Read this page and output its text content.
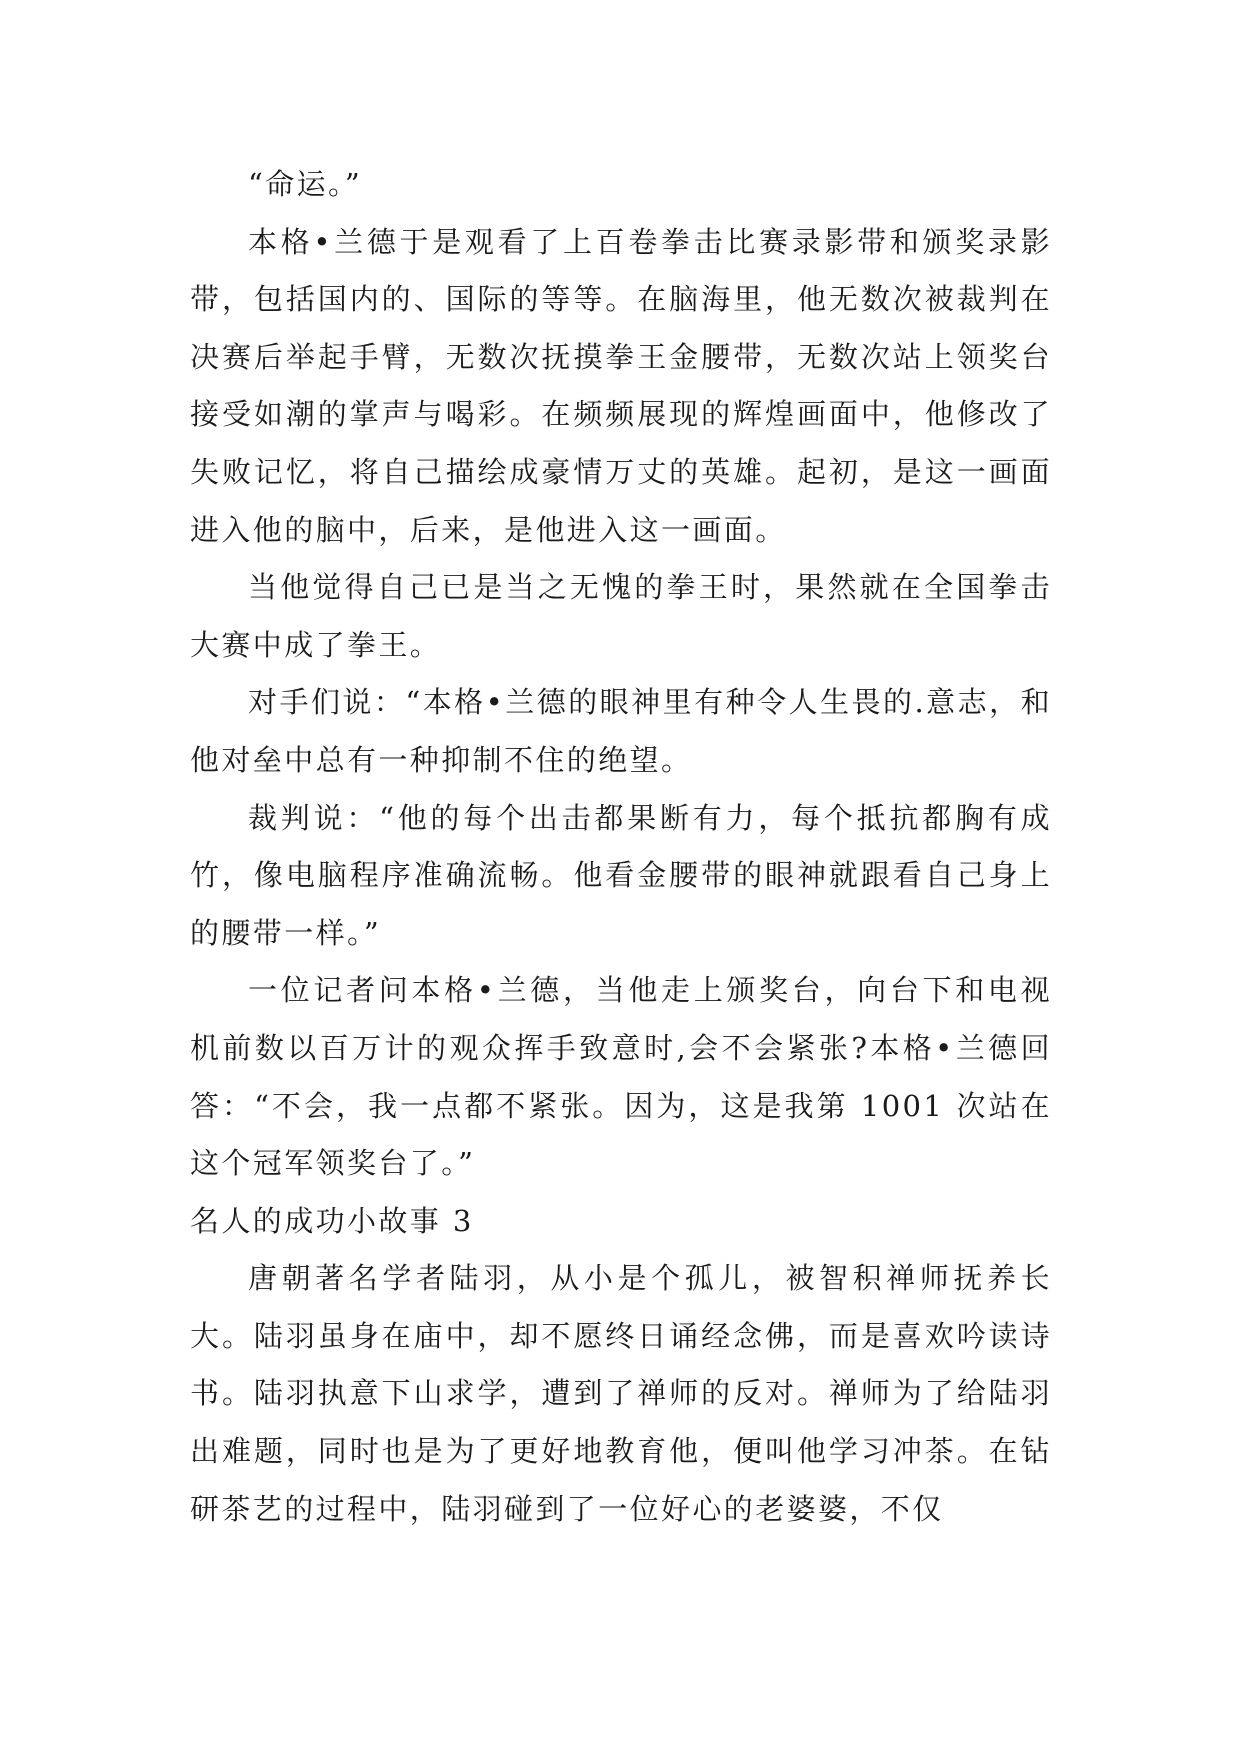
“命运。”

本格•兰德于是观看了上百卷拳击比赛录影带和颁奖录影带，包括国内的、国际的等等。在脑海里，他无数次被裁判在决赛后举起手臂，无数次抚摸拳王金腰带，无数次站上领奖台接受如潮的掌声与喝彩。在频频展现的辉煌画面中，他修改了失败记忆，将自己描绘成豪情万丈的英雄。起初，是这一画面进入他的脑中，后来，是他进入这一画面。

当他觉得自己已是当之无愧的拳王时，果然就在全国拳击大赛中成了拳王。

对手们说：“本格•兰德的眼神里有种令人生畏的.意志，和他对垒中总有一种抑制不住的绝望。

裁判说：“他的每个出击都果断有力，每个抵抗都胸有成竹，像电脑程序准确流畅。他看金腰带的眼神就跟看自己身上的腰带一样。”

一位记者问本格•兰德，当他走上颁奖台，向台下和电视机前数以百万计的观众挥手致意时,会不会紧张?本格•兰德回答：“不会，我一点都不紧张。因为，这是我第 1001 次站在这个冠军领奖台了。”

名人的成功小故事 3

唐朝著名学者陆羽，从小是个孤儿，被智积禅师抚养长大。陆羽虽身在庙中，却不愿终日诵经念佛，而是喜欢吟读诗书。陆羽执意下山求学，遭到了禅师的反对。禅师为了给陆羽出难题，同时也是为了更好地教育他，便叫他学习冲茶。在钻研茶艺的过程中，陆羽碰到了一位好心的老婆婆，不仅
